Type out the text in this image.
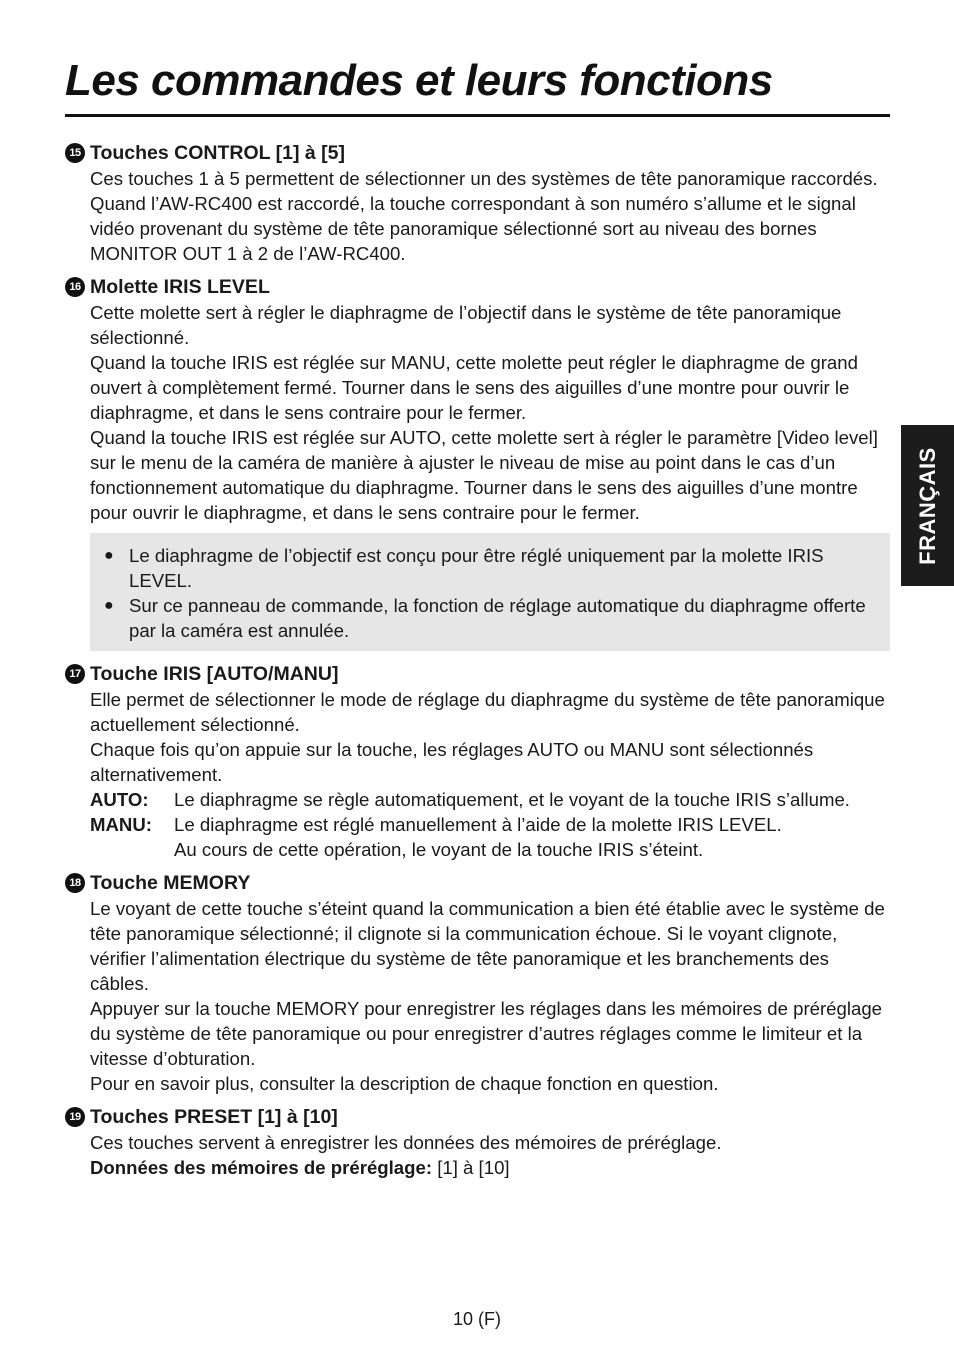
Les commandes et leurs fonctions
15 Touches CONTROL [1] à [5]

Ces touches 1 à 5 permettent de sélectionner un des systèmes de tête panoramique raccordés.

Quand l’AW-RC400 est raccordé, la touche correspondant à son numéro s’allume et le signal vidéo provenant du système de tête panoramique sélectionné sort au niveau des bornes MONITOR OUT 1 à 2 de l’AW-RC400.

16 Molette IRIS LEVEL

Cette molette sert à régler le diaphragme de l’objectif dans le système de tête panoramique sélectionné.

Quand la touche IRIS est réglée sur MANU, cette molette peut régler le diaphragme de grand ouvert à complètement fermé. Tourner dans le sens des aiguilles d’une montre pour ouvrir le diaphragme, et dans le sens contraire pour le fermer.

Quand la touche IRIS est réglée sur AUTO, cette molette sert à régler le paramètre [Video level] sur le menu de la caméra de manière à ajuster le niveau de mise au point dans le cas d’un fonctionnement automatique du diaphragme. Tourner dans le sens des aiguilles d’une montre pour ouvrir le diaphragme, et dans le sens contraire pour le fermer.

● Le diaphragme de l’objectif est conçu pour être réglé uniquement par la molette IRIS LEVEL.
● Sur ce panneau de commande, la fonction de réglage automatique du diaphragme offerte par la caméra est annulée.
17 Touche IRIS [AUTO/MANU]

Elle permet de sélectionner le mode de réglage du diaphragme du système de tête panoramique actuellement sélectionné.

Chaque fois qu’on appuie sur la touche, les réglages AUTO ou MANU sont sélectionnés alternativement.

AUTO:	Le diaphragme se règle automatiquement, et le voyant de la touche IRIS s’allume.
MANU:	Le diaphragme est réglé manuellement à l’aide de la molette IRIS LEVEL.
Au cours de cette opération, le voyant de la touche IRIS s’éteint.
18 Touche MEMORY

Le voyant de cette touche s’éteint quand la communication a bien été établie avec le système de tête panoramique sélectionné; il clignote si la communication échoue. Si le voyant clignote, vérifier l’alimentation électrique du système de tête panoramique et les branchements des câbles.

Appuyer sur la touche MEMORY pour enregistrer les réglages dans les mémoires de préréglage du système de tête panoramique ou pour enregistrer d’autres réglages comme le limiteur et la vitesse d’obturation.

Pour en savoir plus, consulter la description de chaque fonction en question.

19 Touches PRESET [1] à [10]

Ces touches servent à enregistrer les données des mémoires de préréglage.

Données des mémoires de préréglage: [1] à [10]

FRANÇAIS
10 (F)
